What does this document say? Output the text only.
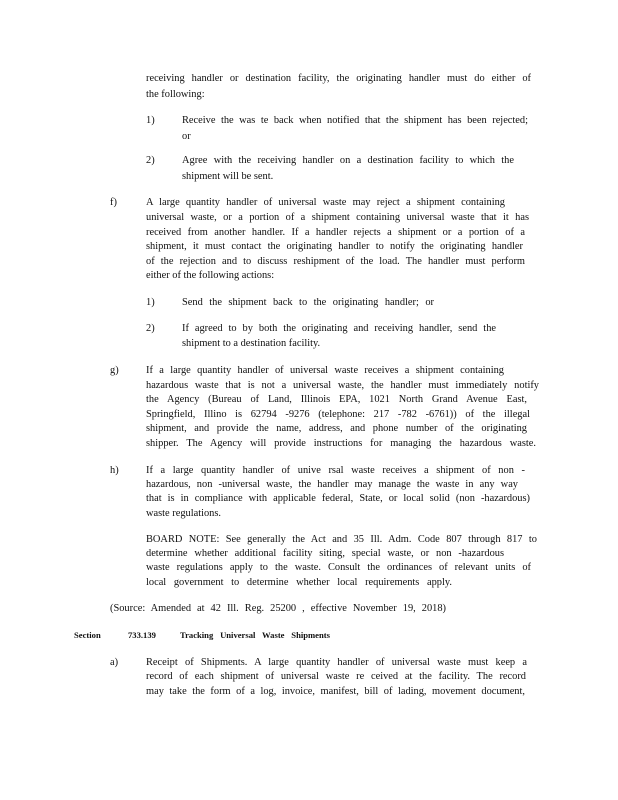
receiving handler or destination facility, the originating handler must do either of
the following:
1)	Receive the was te back when notified that the shipment has been rejected;
or
2)	Agree with the receiving handler on a destination facility to which the
shipment will be sent.
f)	A large quantity handler of universal waste may reject a shipment containing
universal waste, or a portion of a shipment containing universal waste that it has
received from another handler. If a handler rejects a shipment or a portion of a
shipment, it must contact the originating handler to notify the originating handler
of the rejection and to discuss reshipment of the load. The handler must perform
either of the following actions:
1)	Send the shipment back to the originating handler; or
2)	If agreed to by both the originating and receiving handler, send the
shipment to a destination facility.
g)	If a large quantity handler of universal waste receives a shipment containing
hazardous waste that is not a universal waste, the handler must immediately notify
the Agency (Bureau of Land, Illinois EPA, 1021 North Grand Avenue East,
Springfield, Illino is 62794 -9276 (telephone: 217 -782 -6761)) of the illegal
shipment, and provide the name, address, and phone number of the originating
shipper. The Agency will provide instructions for managing the hazardous waste.
h)	If a large quantity handler of unive rsal waste receives a shipment of non -
hazardous, non -universal waste, the handler may manage the waste in any way
that is in compliance with applicable federal, State, or local solid (non -hazardous)
waste regulations.
BOARD NOTE: See generally the Act and 35 Ill. Adm. Code 807 through 817 to
determine whether additional facility siting, special waste, or non -hazardous
waste regulations apply to the waste. Consult the ordinances of relevant units of
local government to determine whether local requirements apply.
(Source: Amended at 42 Ill. Reg. 25200 , effective November 19, 2018)
Section	733.139	Tracking Universal Waste Shipments
a)	Receipt of Shipments. A large quantity handler of universal waste must keep a
record of each shipment of universal waste re ceived at the facility. The record
may take the form of a log, invoice, manifest, bill of lading, movement document,
